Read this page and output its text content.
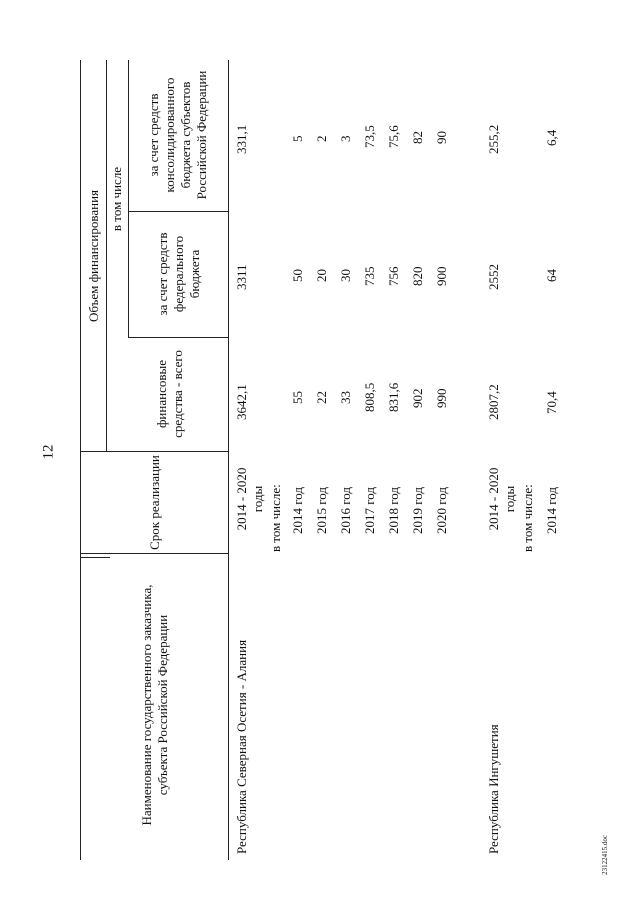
12
23122415.doc
Наименование государственного заказчика, субъекта Российской Федерации
Срок реализации
Объем финансирования
финансовые средства - всего
в том числе
за счет средств федерального бюджета
за счет средств консолидированного бюджета субъектов Российской Федерации
Республика Северная Осетия - Алания
2014 - 2020 годы
3642,1
3311
331,1
в том числе: 2014 год
55
50
5
2015 год
22
20
2
2016 год
33
30
3
2017 год
808,5
735
73,5
2018 год
831,6
756
75,6
2019 год
902
820
82
2020 год
990
900
90
Республика Ингушетия
2014 - 2020 годы
2807,2
2552
255,2
в том числе: 2014 год
70,4
64
6,4
